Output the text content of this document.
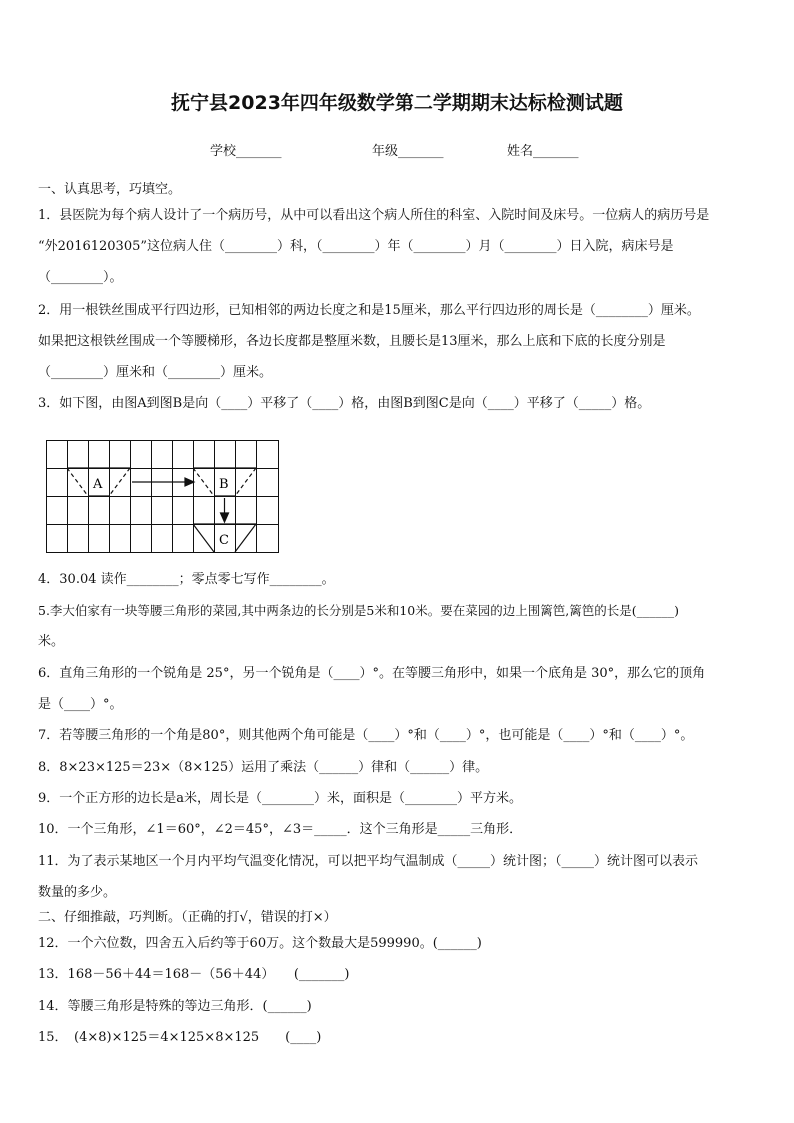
抚宁县2023年四年级数学第二学期期末达标检测试题
学校_______	年级_______	姓名_______
一、认真思考，巧填空。
1．县医院为每个病人设计了一个病历号，从中可以看出这个病人所住的科室、入院时间及床号。一位病人的病历号是
“外2016120305”这位病人住（________）科，（________）年（________）月（________）日入院，病床号是
（________）。
2．用一根铁丝围成平行四边形，已知相邻的两边长度之和是15厘米，那么平行四边形的周长是（________）厘米。
如果把这根铁丝围成一个等腰梯形，各边长度都是整厘米数，且腰长是13厘米，那么上底和下底的长度分别是
（________）厘米和（________）厘米。
3．如下图，由图A到图B是向（____）平移了（____）格，由图B到图C是向（____）平移了（_____）格。
A	B
C
4．30.04 读作________；零点零七写作________。
5.李大伯家有一块等腰三角形的菜园,其中两条边的长分别是5米和10米。要在菜园的边上围篱笆,篱笆的长是(______)
米。
6．直角三角形的一个锐角是 25°，另一个锐角是（____）°。在等腰三角形中，如果一个底角是 30°，那么它的顶角
是（____）°。
7．若等腰三角形的一个角是80°，则其他两个角可能是（____）°和（____）°，也可能是（____）°和（____）°。
8．8×23×125＝23×（8×125）运用了乘法（______）律和（______）律。
9．一个正方形的边长是a米，周长是（________）米，面积是（________）平方米。
10．一个三角形，∠1＝60°，∠2＝45°，∠3＝_____．这个三角形是_____三角形．
11．为了表示某地区一个月内平均气温变化情况，可以把平均气温制成（_____）统计图；（_____）统计图可以表示
数量的多少。
二、仔细推敲，巧判断。（正确的打√，错误的打×）
12．一个六位数，四舍五入后约等于60万。这个数最大是599990。(______)
13．168－56＋44＝168－（56＋44）　　(_______)
14．等腰三角形是特殊的等边三角形．(______)
15．　(4×8)×125＝4×125×8×125　　(____)
